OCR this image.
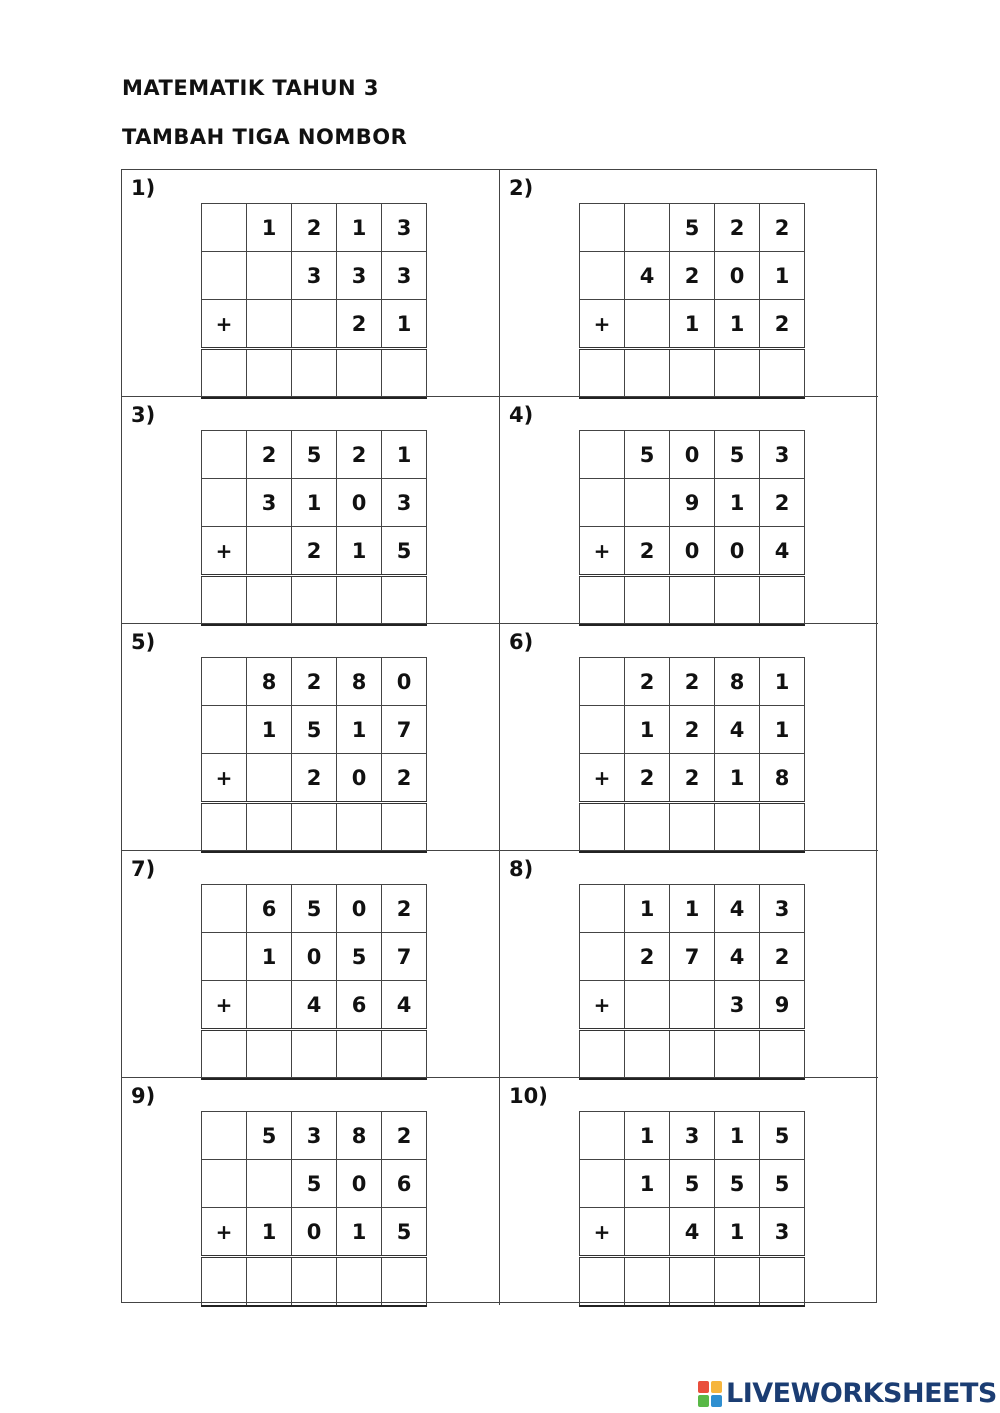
MATEMATIK TAHUN 3
TAMBAH TIGA NOMBOR
1)
	1	2	1	3
		3	3	3
+			2	1

2)
		5	2	2
	4	2	0	1
+		1	1	2

3)
	2	5	2	1
	3	1	0	3
+		2	1	5

4)
	5	0	5	3
		9	1	2
+	2	0	0	4

5)
	8	2	8	0
	1	5	1	7
+		2	0	2

6)
	2	2	8	1
	1	2	4	1
+	2	2	1	8

7)
	6	5	0	2
	1	0	5	7
+		4	6	4

8)
	1	1	4	3
	2	7	4	2
+			3	9

9)
	5	3	8	2
		5	0	6
+	1	0	1	5

10)
	1	3	1	5
	1	5	5	5
+		4	1	3

LIVEWORKSHEETS
